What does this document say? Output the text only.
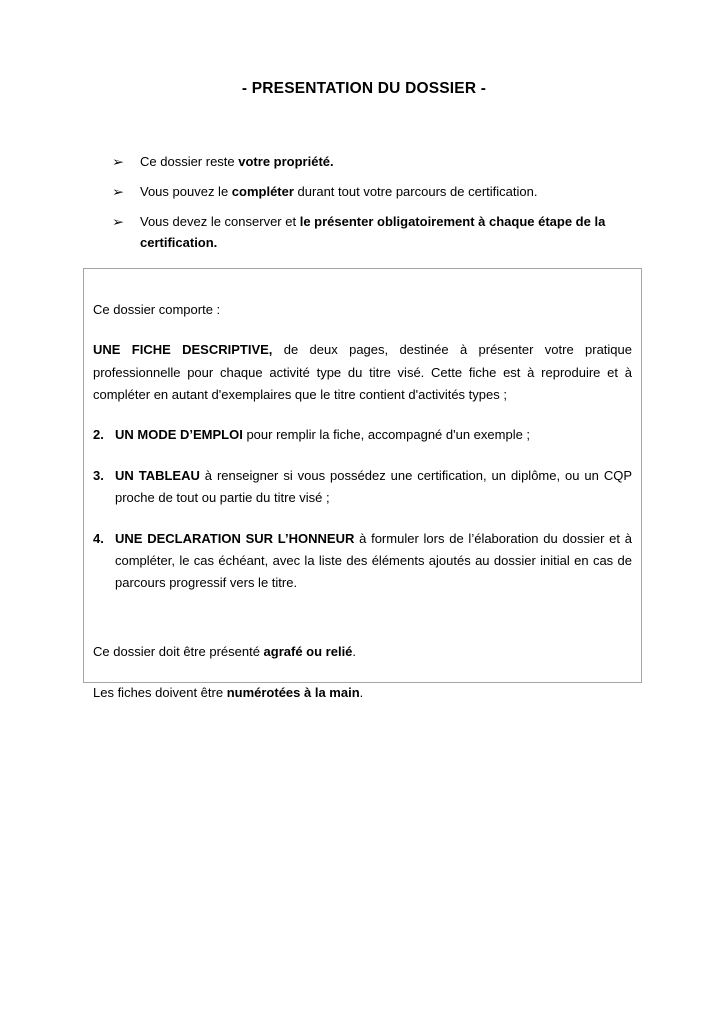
- PRESENTATION DU DOSSIER -
➢	Ce dossier reste votre propriété.
➢	Vous pouvez le compléter durant tout votre parcours de certification.
➢	Vous devez le conserver et le présenter obligatoirement à chaque étape de la certification.

Ce dossier comporte :

UNE FICHE DESCRIPTIVE, de deux pages, destinée à présenter votre pratique professionnelle pour chaque activité type du titre visé. Cette fiche est à reproduire et à compléter en autant d'exemplaires que le titre contient d'activités types ;

2. UN MODE D’EMPLOI pour remplir la fiche, accompagné d'un exemple ;
3. UN TABLEAU à renseigner si vous possédez une certification, un diplôme, ou un CQP proche de tout ou partie du titre visé ;
4. UNE DECLARATION SUR L’HONNEUR à formuler lors de l’élaboration du dossier et à compléter, le cas échéant, avec la liste des éléments ajoutés au dossier initial en cas de parcours progressif vers le titre.

Ce dossier doit être présenté agrafé ou relié.

Les fiches doivent être numérotées à la main.
